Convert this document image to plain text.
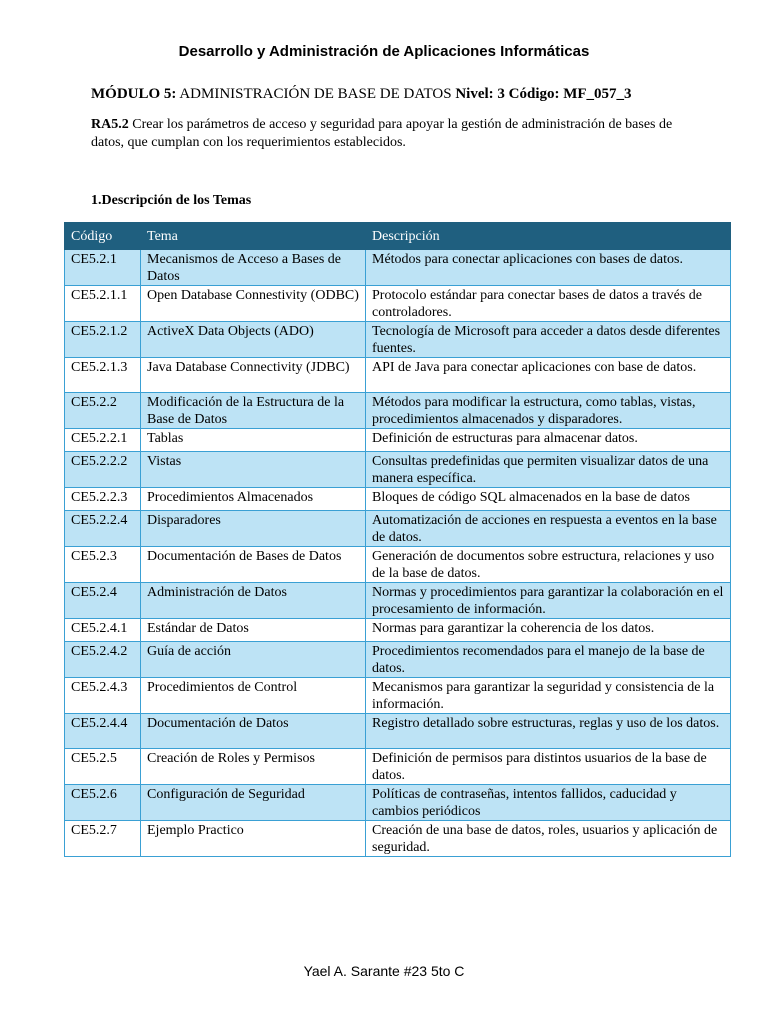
Desarrollo y Administración de Aplicaciones Informáticas
MÓDULO 5: ADMINISTRACIÓN DE BASE DE DATOS Nivel: 3 Código: MF_057_3
RA5.2 Crear los parámetros de acceso y seguridad para apoyar la gestión de administración de bases de datos, que cumplan con los requerimientos establecidos.
1.Descripción de los Temas
Código	Tema	Descripción
CE5.2.1	Mecanismos de Acceso a Bases de Datos	Métodos para conectar aplicaciones con bases de datos.
CE5.2.1.1	Open Database Connestivity (ODBC)	Protocolo estándar para conectar bases de datos a través de controladores.
CE5.2.1.2	ActiveX Data Objects (ADO)	Tecnología de Microsoft para acceder a datos desde diferentes fuentes.
CE5.2.1.3	Java Database Connectivity (JDBC)	API de Java para conectar aplicaciones con base de datos.
CE5.2.2	Modificación de la Estructura de la Base de Datos	Métodos para modificar la estructura, como tablas, vistas, procedimientos almacenados y disparadores.
CE5.2.2.1	Tablas	Definición de estructuras para almacenar datos.
CE5.2.2.2	Vistas	Consultas predefinidas que permiten visualizar datos de una manera específica.
CE5.2.2.3	Procedimientos Almacenados	Bloques de código SQL almacenados en la base de datos
CE5.2.2.4	Disparadores	Automatización de acciones en respuesta a eventos en la base de datos.
CE5.2.3	Documentación de Bases de Datos	Generación de documentos sobre estructura, relaciones y uso de la base de datos.
CE5.2.4	Administración de Datos	Normas y procedimientos para garantizar la colaboración en el procesamiento de información.
CE5.2.4.1	Estándar de Datos	Normas para garantizar la coherencia de los datos.
CE5.2.4.2	Guía de acción	Procedimientos recomendados para el manejo de la base de datos.
CE5.2.4.3	Procedimientos de Control	Mecanismos para garantizar la seguridad y consistencia de la información.
CE5.2.4.4	Documentación de Datos	Registro detallado sobre estructuras, reglas y uso de los datos.
CE5.2.5	Creación de Roles y Permisos	Definición de permisos para distintos usuarios de la base de datos.
CE5.2.6	Configuración de Seguridad	Políticas de contraseñas, intentos fallidos, caducidad y cambios periódicos
CE5.2.7	Ejemplo Practico	Creación de una base de datos, roles, usuarios y aplicación de seguridad.
Yael A. Sarante #23 5to C
